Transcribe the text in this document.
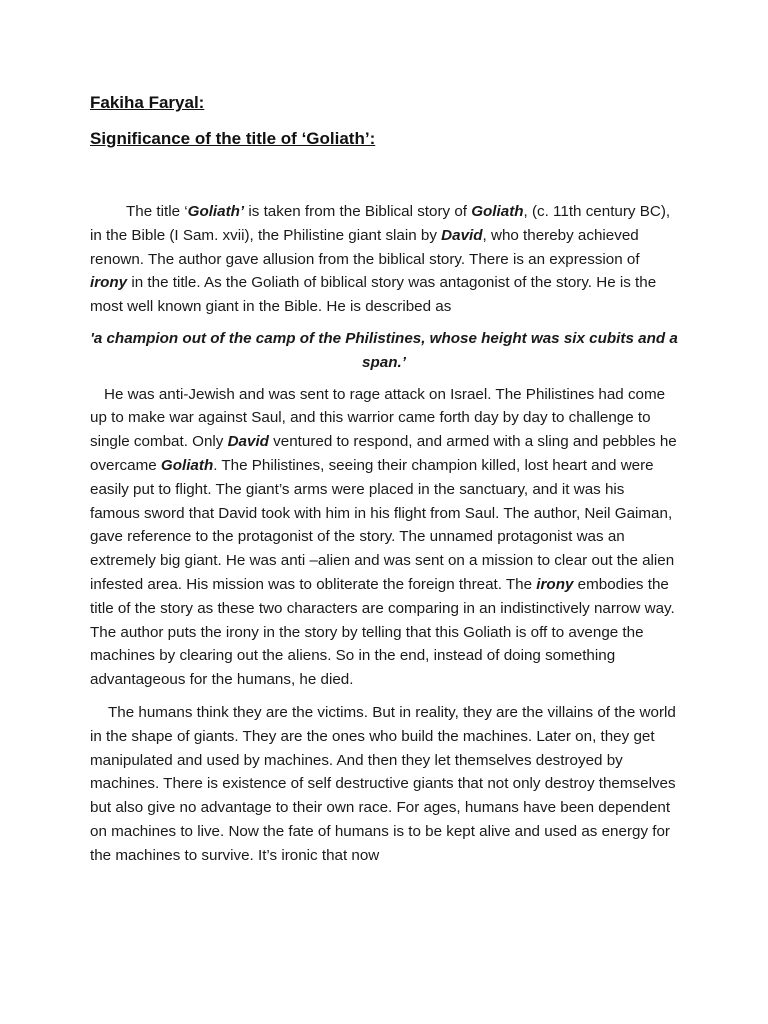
Fakiha Faryal:
Significance of the title of ‘Goliath’:

The title ‘Goliath’ is taken from the Biblical story of Goliath, (c. 11th century BC), in the Bible (I Sam. xvii), the Philistine giant slain by David, who thereby achieved renown. The author gave allusion from the biblical story. There is an expression of irony in the title. As the Goliath of biblical story was antagonist of the story. He is the most well known giant in the Bible. He is described as

'a champion out of the camp of the Philistines, whose height was six cubits and a span.’

He was anti-Jewish and was sent to rage attack on Israel. The Philistines had come up to make war against Saul, and this warrior came forth day by day to challenge to single combat. Only David ventured to respond, and armed with a sling and pebbles he overcame Goliath. The Philistines, seeing their champion killed, lost heart and were easily put to flight. The giant’s arms were placed in the sanctuary, and it was his famous sword that David took with him in his flight from Saul. The author, Neil Gaiman, gave reference to the protagonist of the story. The unnamed protagonist was an extremely big giant. He was anti –alien and was sent on a mission to clear out the alien infested area. His mission was to obliterate the foreign threat. The irony embodies the title of the story as these two characters are comparing in an indistinctively narrow way. The author puts the irony in the story by telling that this Goliath is off to avenge the machines by clearing out the aliens. So in the end, instead of doing something advantageous for the humans, he died.

The humans think they are the victims. But in reality, they are the villains of the world in the shape of giants. They are the ones who build the machines. Later on, they get manipulated and used by machines. And then they let themselves destroyed by machines. There is existence of self destructive giants that not only destroy themselves but also give no advantage to their own race. For ages, humans have been dependent on machines to live. Now the fate of humans is to be kept alive and used as energy for the machines to survive. It’s ironic that now
